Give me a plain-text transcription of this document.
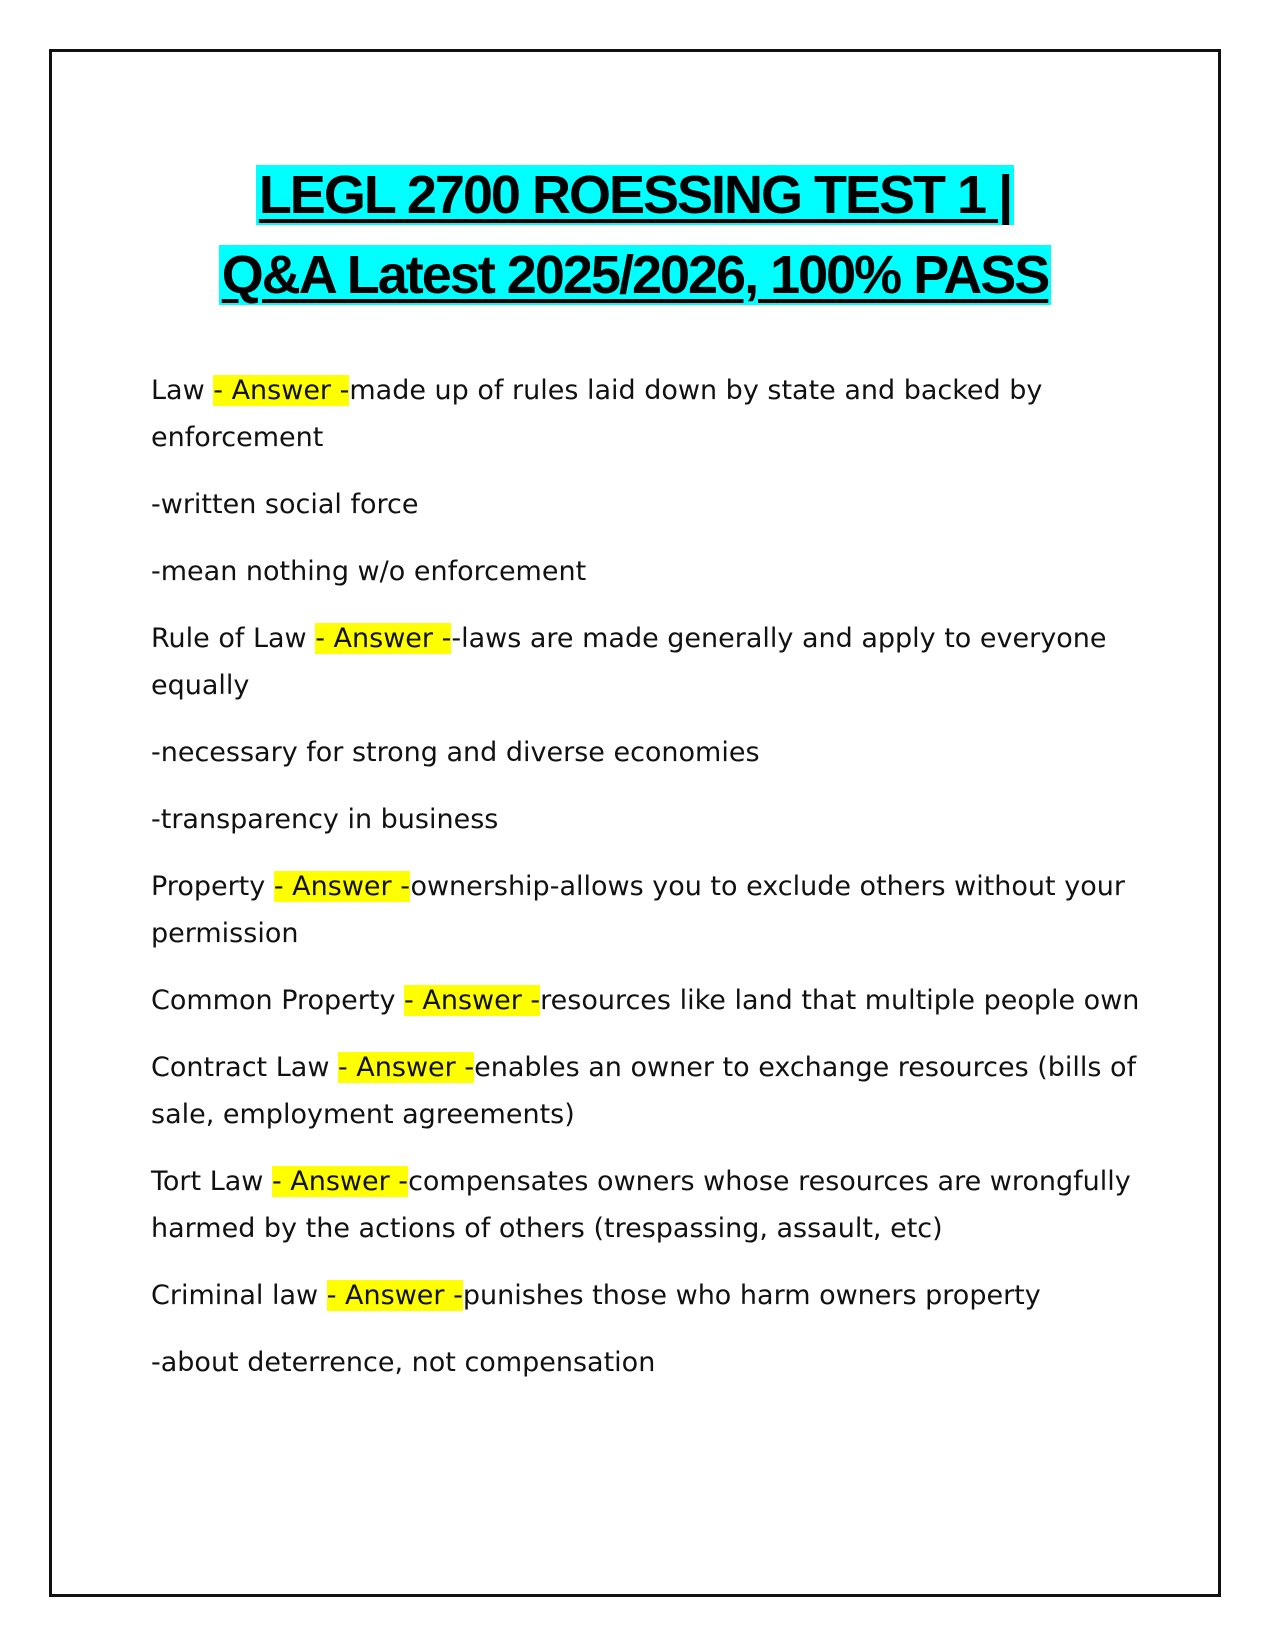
LEGL 2700 ROESSING TEST 1 |
Q&A Latest 2025/2026, 100% PASS

Law - Answer -made up of rules laid down by state and backed by enforcement

-written social force

-mean nothing w/o enforcement

Rule of Law - Answer --laws are made generally and apply to everyone equally

-necessary for strong and diverse economies

-transparency in business

Property - Answer -ownership-allows you to exclude others without your permission

Common Property - Answer -resources like land that multiple people own

Contract Law - Answer -enables an owner to exchange resources (bills of sale, employment agreements)

Tort Law - Answer -compensates owners whose resources are wrongfully harmed by the actions of others (trespassing, assault, etc)

Criminal law - Answer -punishes those who harm owners property

-about deterrence, not compensation
